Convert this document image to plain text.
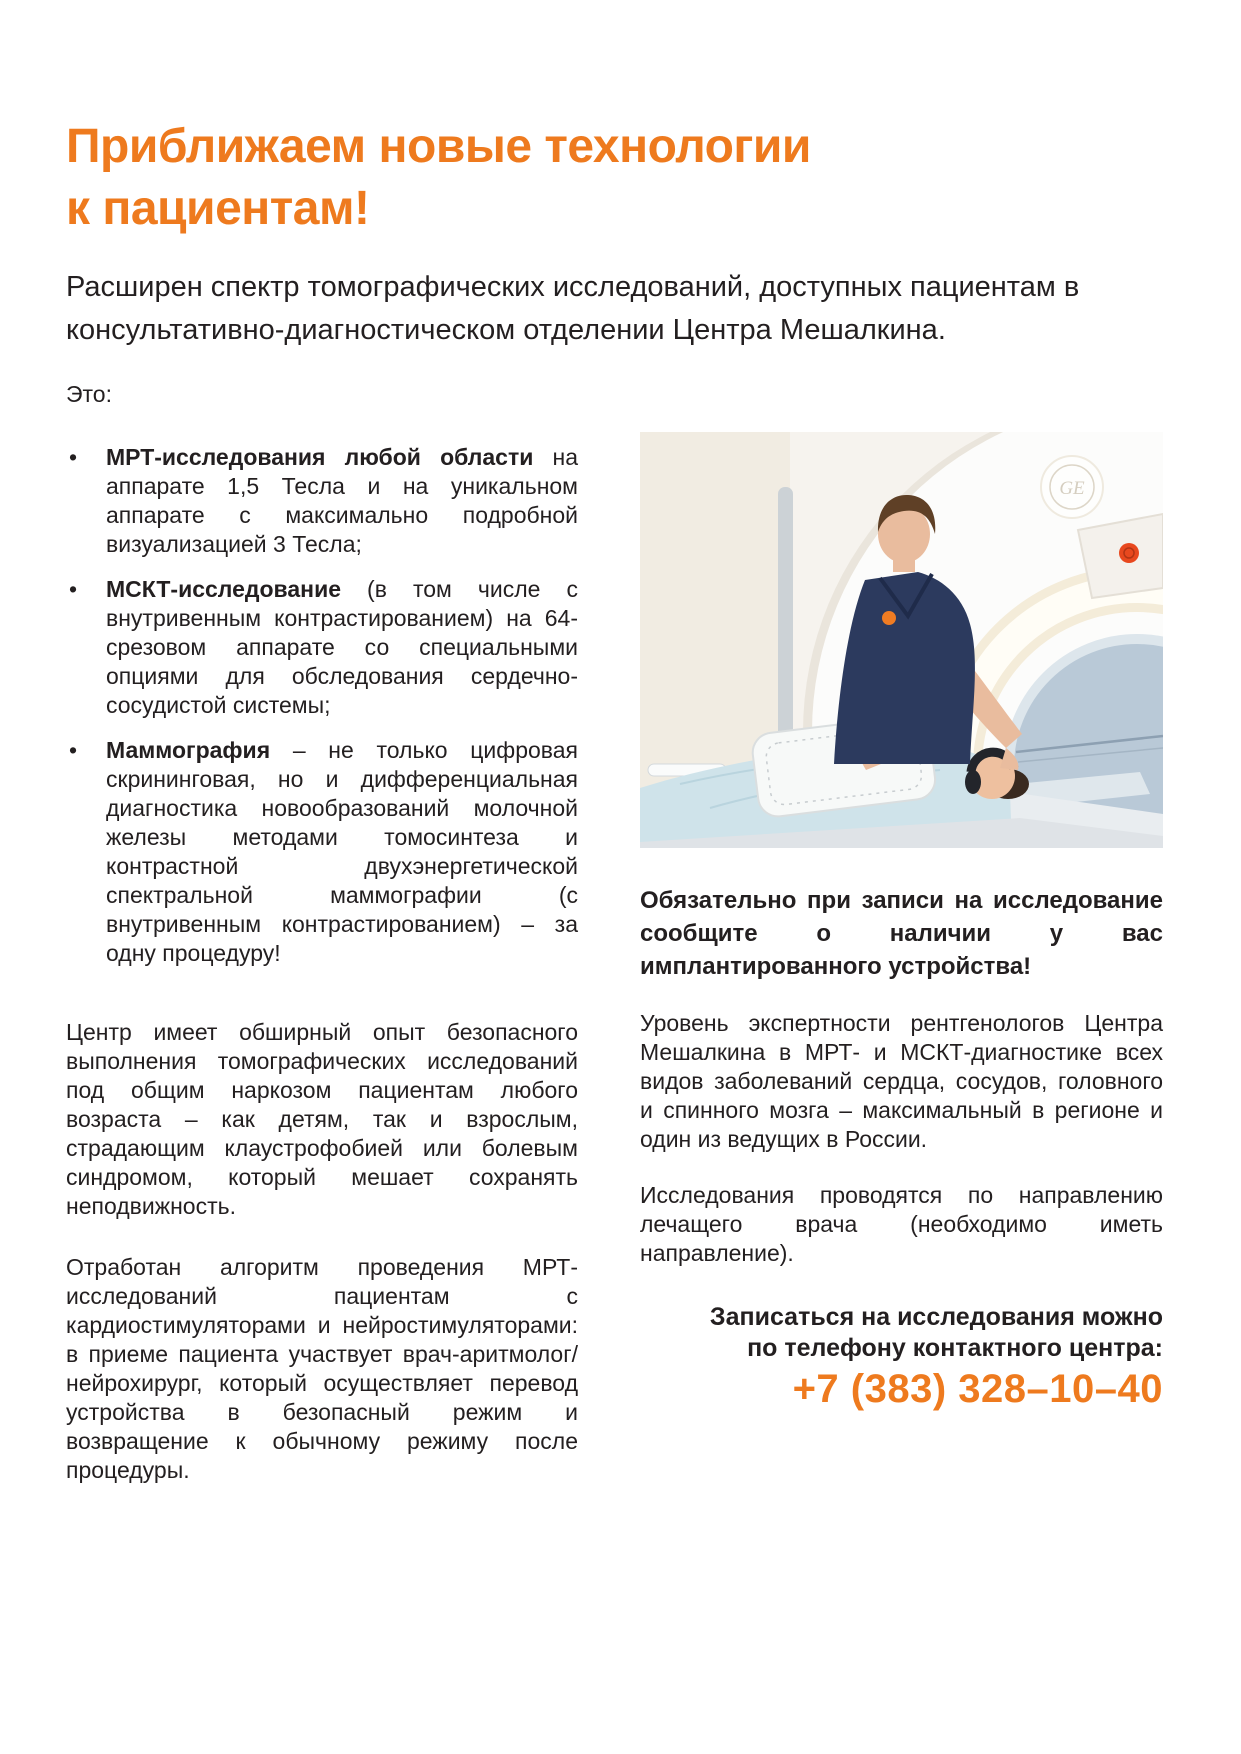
Приближаем новые технологии
к пациентам!
Расширен спектр томографических исследований, доступных пациентам в консультативно-диагностическом отделении Центра Мешалкина.

Это:

• МРТ-исследования любой области на аппарате 1,5 Тесла и на уникальном аппарате с максимально подробной визуализацией 3 Тесла;
• МСКТ-исследование (в том числе с внутривенным контрастированием) на 64-срезовом аппарате со специальными опциями для обследования сердечно-сосудистой системы;
• Маммография – не только цифровая скрининговая, но и дифференциальная диагностика новообразований молочной железы методами томосинтеза и контрастной двухэнергетической спектральной маммографии (с внутривенным контрастированием) – за одну процедуру!

Центр имеет обширный опыт безопасного выполнения томографических исследований под общим наркозом пациентам любого возраста – как детям, так и взрослым, страдающим клаустрофобией или болевым синдромом, который мешает сохранять неподвижность.

Отработан алгоритм проведения МРТ-исследований пациентам с кардиостимуляторами и нейростимуляторами: в приеме пациента участвует врач-аритмолог/нейрохирург, который осуществляет перевод устройства в безопасный режим и возвращение к обычному режиму после процедуры.

GE

Обязательно при записи на исследование сообщите о наличии у вас имплантированного устройства!

Уровень экспертности рентгенологов Центра Мешалкина в МРТ- и МСКТ-диагностике всех видов заболеваний сердца, сосудов, головного и спинного мозга – максимальный в регионе и один из ведущих в России.

Исследования проводятся по направлению лечащего врача (необходимо иметь направление).

Записаться на исследования можно
по телефону контактного центра:
+7 (383) 328–10–40
